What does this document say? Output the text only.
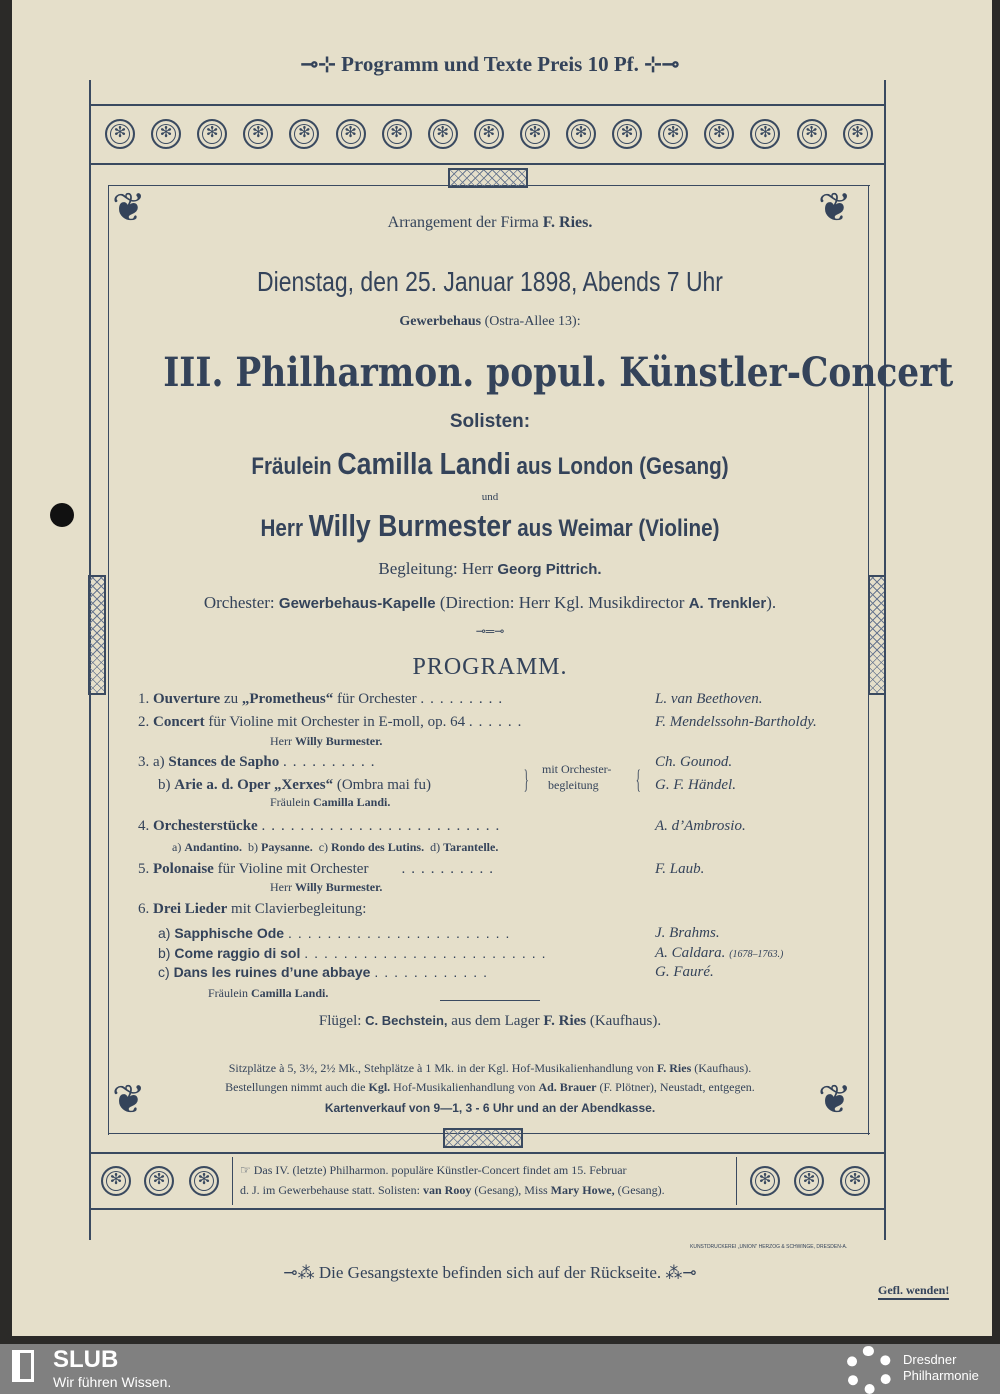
❦	❦
❦	❦
✻
✻
✻
✻
✻
✻
✻
✻
✻
✻
✻
✻
✻
✻
✻
✻
✻
✻
✻
✻
✻
✻
✻
⊸⊹ Programm und Texte Preis 10 Pf. ⊹⊸
Arrangement der Firma F. Ries.
Dienstag, den 25. Januar 1898, Abends 7 Uhr
Gewerbehaus (Ostra-Allee 13):
III. Philharmon. popul. Künstler-Concert
Solisten:
Fräulein Camilla Landi aus London (Gesang)
und
Herr Willy Burmester aus Weimar (Violine)
Begleitung: Herr Georg Pittrich.
Orchester: Gewerbehaus-Kapelle (Direction: Herr Kgl. Musikdirector A. Trenkler).
⊸═⊸
PROGRAMM.
1. Ouverture zu „Prometheus“ für Orchester .........	L. van Beethoven.
2. Concert für Violine mit Orchester in E-moll, op. 64 ......	F. Mendelssohn-Bartholdy.
Herr Willy Burmester.
3. a) Stances de Sapho ..........	Ch. Gounod.
b) Arie a. d. Oper „Xerxes“ (Ombra mai fu)	G. F. Händel.
}	{
mit Orchester-
begleitung
Fräulein Camilla Landi.
4. Orchesterstücke .........................	A. d’Ambrosio.
a) Andantino. b) Paysanne. c) Rondo des Lutins. d) Tarantelle.
5. Polonaise für Violine mit Orchester    ..........	F. Laub.
Herr Willy Burmester.
6. Drei Lieder mit Clavierbegleitung:
a) Sapphische Ode .......................	J. Brahms.
b) Come raggio di sol .........................	A. Caldara. (1678–1763.)
c) Dans les ruines d’une abbaye ............	G. Fauré.
Fräulein Camilla Landi.
Flügel: C. Bechstein, aus dem Lager F. Ries (Kaufhaus).
Sitzplätze à 5, 3½, 2½ Mk., Stehplätze à 1 Mk. in der Kgl. Hof-Musikalienhandlung von F. Ries (Kaufhaus).
Bestellungen nimmt auch die Kgl. Hof-Musikalienhandlung von Ad. Brauer (F. Plötner), Neustadt, entgegen.
Kartenverkauf von 9—1, 3 - 6 Uhr und an der Abendkasse.
☞ Das IV. (letzte) Philharmon. populäre Künstler-Concert findet am 15. Februar
d. J. im Gewerbehause statt. Solisten: van Rooy (Gesang), Miss Mary Howe, (Gesang).
KUNSTDRUCKEREI „UNION“ HERZOG & SCHWINGE, DRESDEN-A.
⊸⁂ Die Gesangstexte befinden sich auf der Rückseite. ⁂⊸
Gefl. wenden!
SLUB
Wir führen Wissen.
Dresdner
Philharmonie
